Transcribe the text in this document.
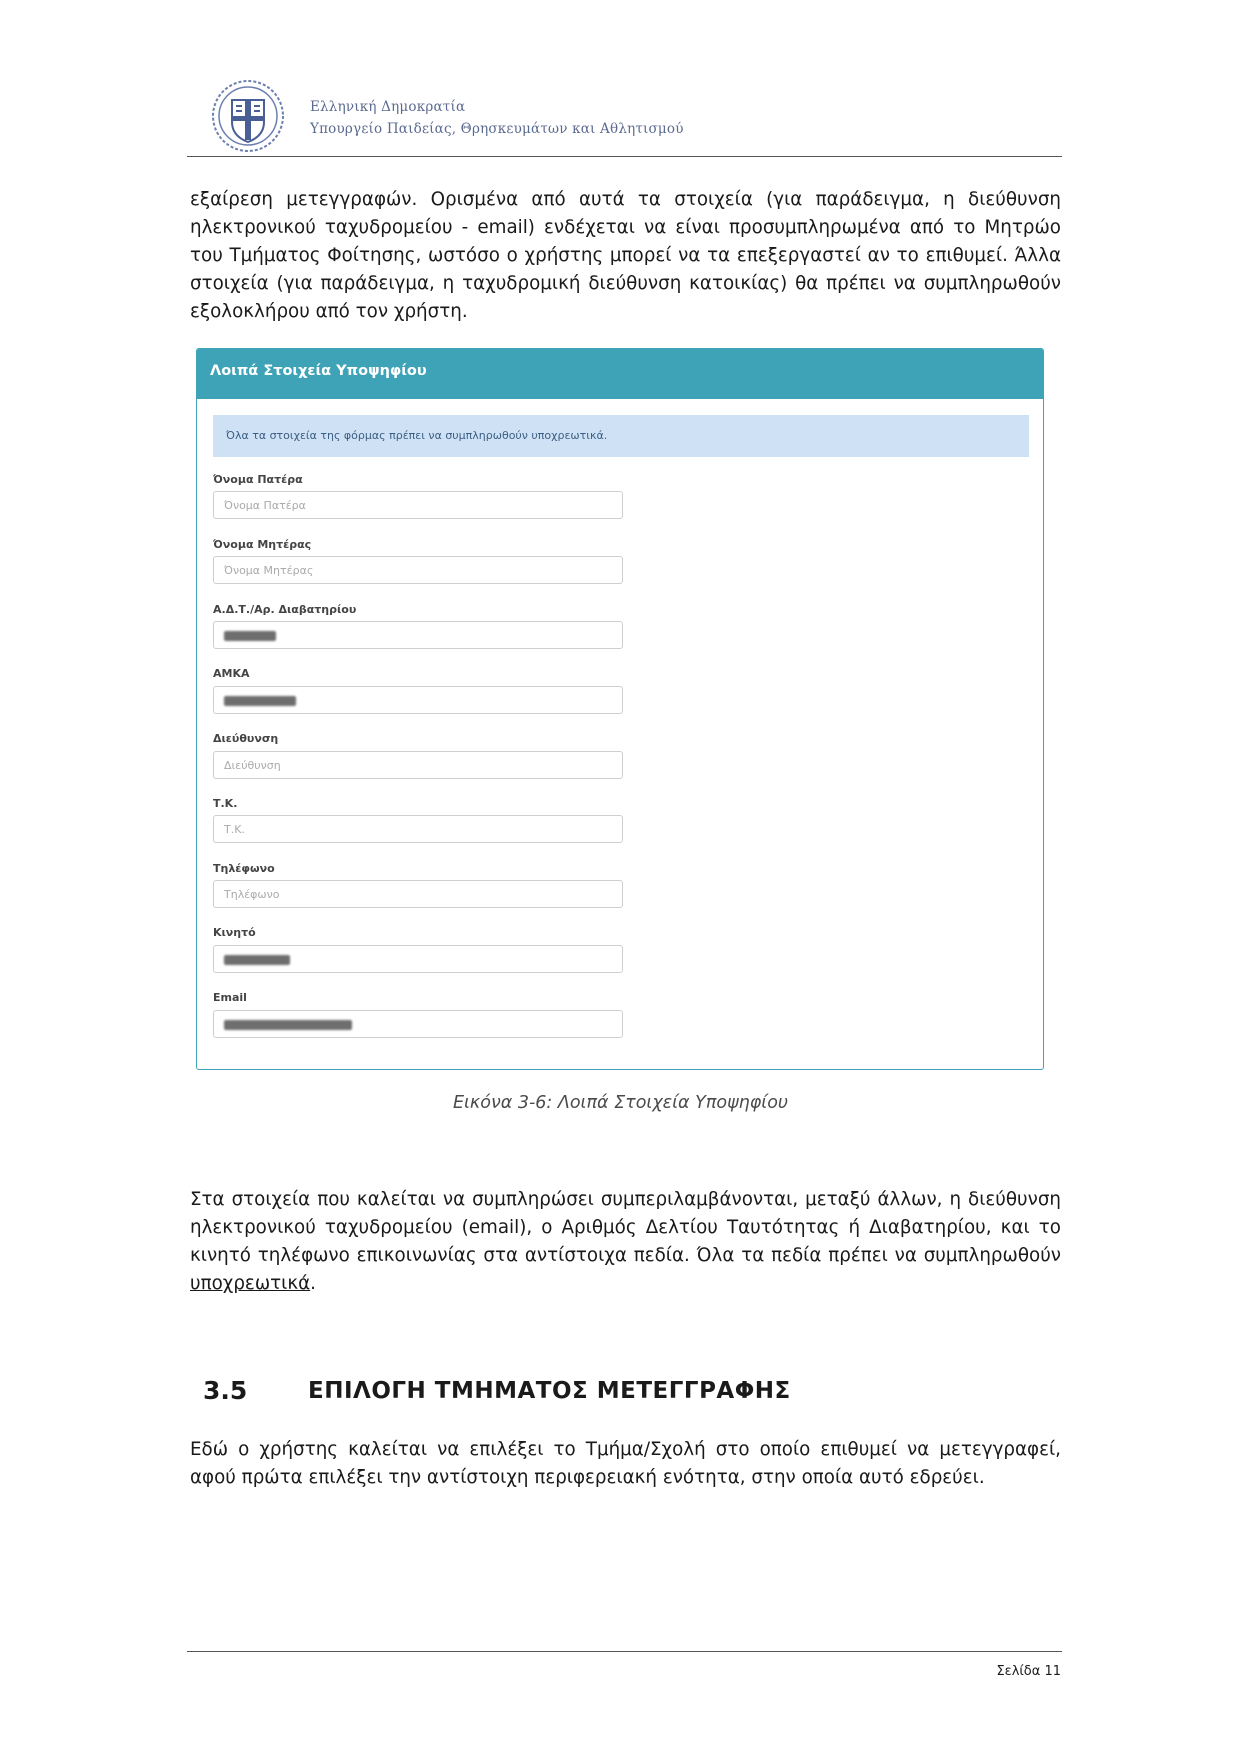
Ελληνική Δημοκρατία
Υπουργείο Παιδείας, Θρησκευμάτων και Αθλητισμού

εξαίρεση μετεγγραφών. Ορισμένα από αυτά τα στοιχεία (για παράδειγμα, η διεύθυνση ηλεκτρονικού ταχυδρομείου - email) ενδέχεται να είναι προσυμπληρωμένα από το Μητρώο του Τμήματος Φοίτησης, ωστόσο ο χρήστης μπορεί να τα επεξεργαστεί αν το επιθυμεί. Άλλα στοιχεία (για παράδειγμα, η ταχυδρομική διεύθυνση κατοικίας) θα πρέπει να συμπληρωθούν εξολοκλήρου από τον χρήστη.

Λοιπά Στοιχεία Υποψηφίου
Όλα τα στοιχεία της φόρμας πρέπει να συμπληρωθούν υποχρεωτικά.
Όνομα Πατέρα
Όνομα Πατέρα
Όνομα Μητέρας
Όνομα Μητέρας
Α.Δ.Τ./Αρ. Διαβατηρίου
ΑΜΚΑ
Διεύθυνση
Διεύθυνση
Τ.Κ.
Τ.Κ.
Τηλέφωνο
Τηλέφωνο
Κινητό
Email
Εικόνα 3-6: Λοιπά Στοιχεία Υποψηφίου

Στα στοιχεία που καλείται να συμπληρώσει συμπεριλαμβάνονται, μεταξύ άλλων, η διεύθυνση ηλεκτρονικού ταχυδρομείου (email), ο Αριθμός Δελτίου Ταυτότητας ή Διαβατηρίου, και το κινητό τηλέφωνο επικοινωνίας στα αντίστοιχα πεδία. Όλα τα πεδία πρέπει να συμπληρωθούν υποχρεωτικά.

3.5	ΕΠΙΛΟΓΗ ΤΜΗΜΑΤΟΣ ΜΕΤΕΓΓΡΑΦΗΣ

Εδώ ο χρήστης καλείται να επιλέξει το Τμήμα/Σχολή στο οποίο επιθυμεί να μετεγγραφεί, αφού πρώτα επιλέξει την αντίστοιχη περιφερειακή ενότητα, στην οποία αυτό εδρεύει.

Σελίδα 11
